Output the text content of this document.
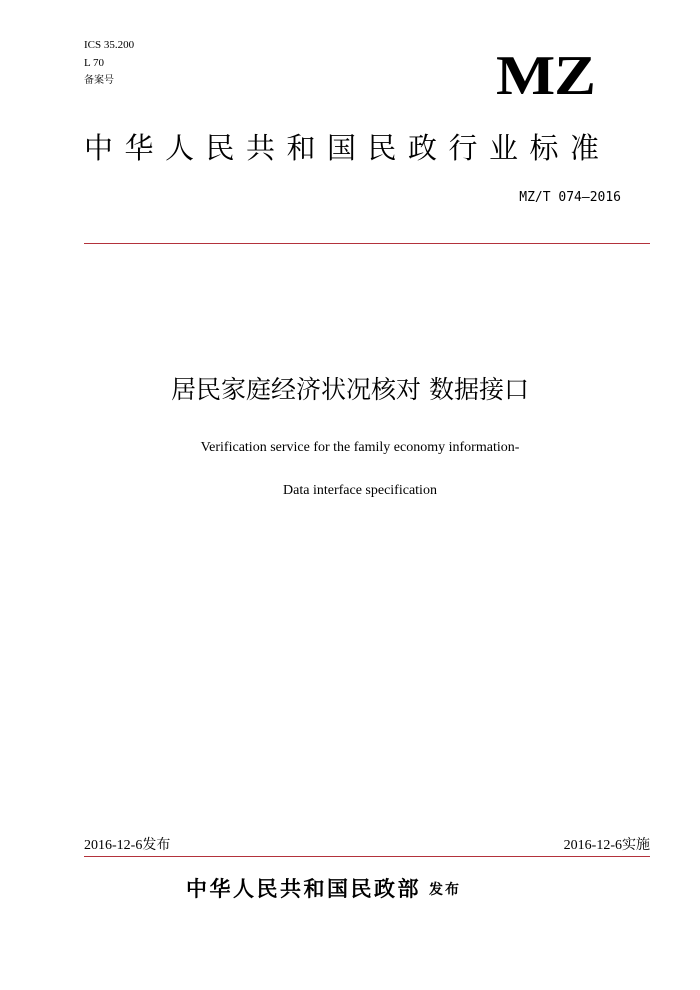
ICS 35.200
L 70
备案号	MZ
中华人民共和国民政行业标准
MZ/T 074—2016
居民家庭经济状况核对 数据接口
Verification service for the family economy information-
Data interface specification
2016-12-6发布	2016-12-6实施
中华人民共和国民政部 发布
